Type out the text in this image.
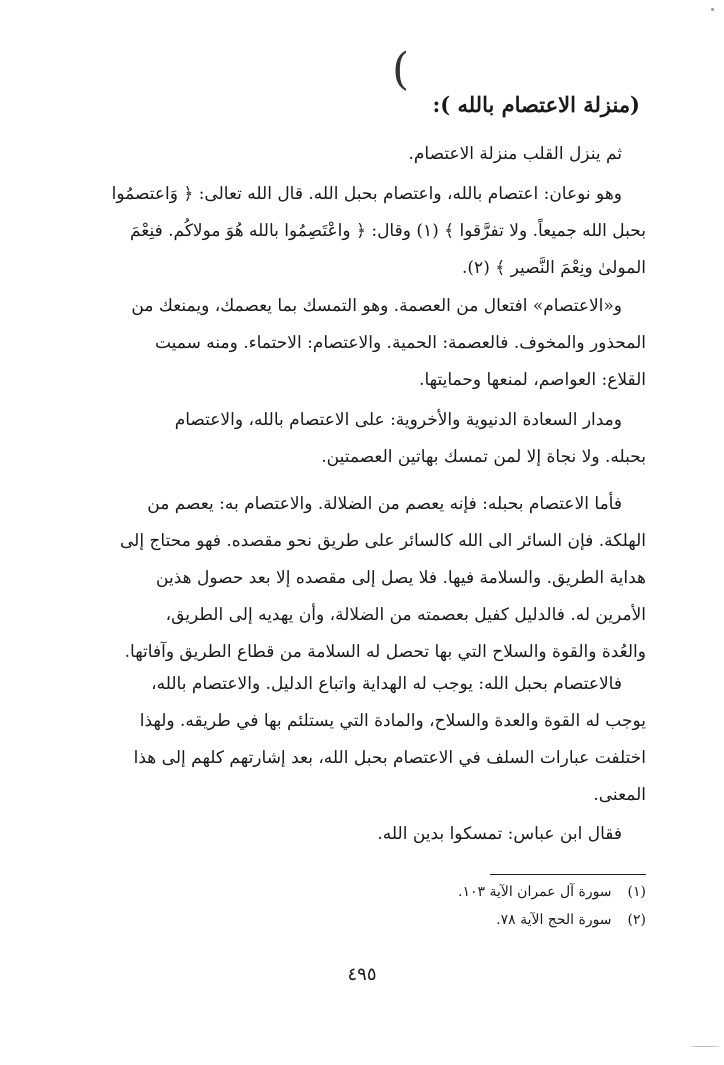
(
(منزلة الاعتصام بالله ):
ثم ينزل القلب منزلة الاعتصام.
وهو نوعان: اعتصام بالله، واعتصام بحبل الله. قال الله تعالى: ﴿ وَاعتصمُوا
بحبل الله جميعاً. ولا تفرَّقوا ﴾ (١) وقال: ﴿ واعْتَصِمُوا بالله هُوَ مولاكُم. فنِعْمَ
المولىٰ ونِعْمَ النَّصير ﴾ (٢).
و«الاعتصام» افتعال من العصمة. وهو التمسك بما يعصمك، ويمنعك من
المحذور والمخوف. فالعصمة: الحمية. والاعتصام: الاحتماء. ومنه سميت
القلاع: العواصم، لمنعها وحمايتها.
ومدار السعادة الدنيوية والأخروية: على الاعتصام بالله، والاعتصام
بحبله. ولا نجاة إلا لمن تمسك بهاتين العصمتين.
فأما الاعتصام بحبله: فإنه يعصم من الضلالة. والاعتصام به: يعصم من
الهلكة. فإن السائر الى الله كالسائر على طريق نحو مقصده. فهو محتاج إلى
هداية الطريق. والسلامة فيها. فلا يصل إلى مقصده إلا بعد حصول هذين
الأمرين له. فالدليل كفيل بعصمته من الضلالة، وأن يهديه إلى الطريق،
والعُدة والقوة والسلاح التي بها تحصل له السلامة من قطاع الطريق وآفاتها.
فالاعتصام بحبل الله: يوجب له الهداية واتباع الدليل. والاعتصام بالله،
يوجب له القوة والعدة والسلاح، والمادة التي يستلئم بها في طريقه. ولهذا
اختلفت عبارات السلف في الاعتصام بحبل الله، بعد إشارتهم كلهم إلى هذا
المعنى.
فقال ابن عباس: تمسكوا بدين الله.
(١) سورة آل عمران الآية ١٠٣.
(٢) سورة الحج الآية ٧٨.
٤٩٥
